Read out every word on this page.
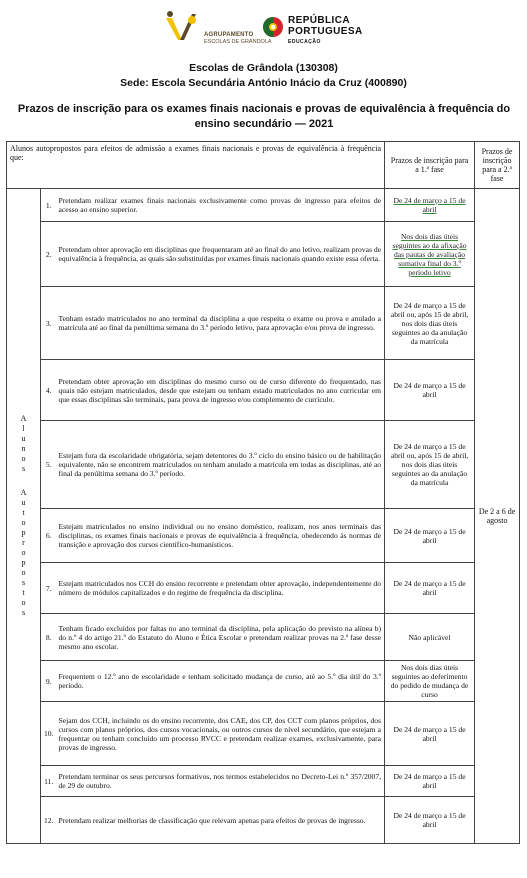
AGRUPAMENTO
ESCOLAS DE GRÂNDOLA
REPÚBLICA
PORTUGUESA
EDUCAÇÃO
Escolas de Grândola (130308)
Sede: Escola Secundária António Inácio da Cruz (400890)
Prazos de inscrição para os exames finais nacionais e provas de equivalência à frequência do ensino secundário — 2021
Alunos autopropostos para efeitos de admissão a exames finais nacionais e provas de equivalência à frequência que:			Prazos de inscrição para a 1.ª fase	Prazos de inscrição para a 2.ª fase

A l u n o s
A u t o p r o p o s t o s	1.	Pretendam realizar exames finais nacionais exclusivamente como provas de ingresso para efeitos de acesso ao ensino superior.	De 24 de março a 15 de abril	De 2 a 6 de agosto
	2.	Pretendam obter aprovação em disciplinas que frequentaram até ao final do ano letivo, realizam provas de equivalência à frequência, as quais são substituídas por exames finais nacionais quando existe essa oferta.	Nos dois dias úteis seguintes ao da afixação das pautas de avaliação sumativa final do 3.º período letivo	
	3.	Tenham estado matriculados no ano terminal da disciplina a que respeita o exame ou prova e anulado a matrícula até ao final da penúltima semana do 3.º período letivo, para aprovação e/ou prova de ingresso.	De 24 de março a 15 de abril ou, após 15 de abril, nos dois dias úteis seguintes ao da anulação da matrícula	
	4.	Pretendam obter aprovação em disciplinas do mesmo curso ou de curso diferente do frequentado, nas quais não estejam matriculados, desde que estejam ou tenham estado matriculados no ano curricular em que essas disciplinas são terminais, para prova de ingresso e/ou complemento de currículo.	De 24 de março a 15 de abril	
	5.	Estejam fora da escolaridade obrigatória, sejam detentores do 3.º ciclo do ensino básico ou de habilitação equivalente, não se encontrem matriculados ou tenham anulado a matrícula em todas as disciplinas, até ao final da penúltima semana do 3.º período.	De 24 de março a 15 de abril ou, após 15 de abril, nos dois dias úteis seguintes ao da anulação da matrícula	
	6.	Estejam matriculados no ensino individual ou no ensino doméstico, realizam, nos anos terminais das disciplinas, os exames finais nacionais e provas de equivalência à frequência, obedecendo às normas de transição e aprovação dos cursos científico-humanísticos.	De 24 de março a 15 de abril	
	7.	Estejam matriculados nos CCH do ensino recorrente e pretendam obter aprovação, independentemente do número de módulos capitalizados e do regime de frequência da disciplina.	De 24 de março a 15 de abril	
	8.	Tenham ficado excluídos por faltas no ano terminal da disciplina, pela aplicação do previsto na alínea b) do n.º 4 do artigo 21.º do Estatuto do Aluno e Ética Escolar e pretendam realizar provas na 2.ª fase desse mesmo ano escolar.	Não aplicável	
	9.	Frequentem o 12.º ano de escolaridade e tenham solicitado mudança de curso, até ao 5.º dia útil do 3.º período.	Nos dois dias úteis seguintes ao deferimento do pedido de mudança de curso	
	10.	Sejam dos CCH, incluindo os do ensino recorrente, dos CAE, dos CP, dos CCT com planos próprios, dos cursos com planos próprios, dos cursos vocacionais, ou outros cursos de nível secundário, que estejam a frequentar ou tenham concluído um processo RVCC e pretendam realizar exames, exclusivamente, para provas de ingresso.	De 24 de março a 15 de abril	
	11.	Pretendam terminar os seus percursos formativos, nos termos estabelecidos no Decreto-Lei n.º 357/2007, de 29 de outubro.	De 24 de março a 15 de abril	
	12.	Pretendam realizar melhorias de classificação que relevam apenas para efeitos de provas de ingresso.	De 24 de março a 15 de abril	
